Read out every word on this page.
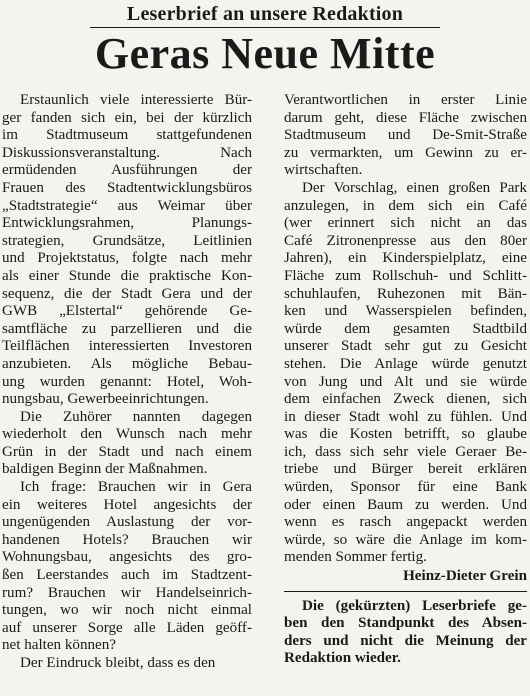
Leserbrief an unsere Redaktion
Geras Neue Mitte
Erstaunlich viele interessierte Bür-
ger fanden sich ein, bei der kürzlich
im Stadtmuseum stattgefundenen
Diskussionsveranstaltung. Nach
ermüdenden Ausführungen der
Frauen des Stadtentwicklungsbüros
„Stadtstrategie“ aus Weimar über
Entwicklungsrahmen, Planungs-
strategien, Grundsätze, Leitlinien
und Projektstatus, folgte nach mehr
als einer Stunde die praktische Kon-
sequenz, die der Stadt Gera und der
GWB „Elstertal“ gehörende Ge-
samtfläche zu parzellieren und die
Teilflächen interessierten Investoren
anzubieten. Als mögliche Bebau-
ung wurden genannt: Hotel, Woh-
nungsbau, Gewerbeeinrichtungen.
Die Zuhörer nannten dagegen
wiederholt den Wunsch nach mehr
Grün in der Stadt und nach einem
baldigen Beginn der Maßnahmen.
Ich frage: Brauchen wir in Gera
ein weiteres Hotel angesichts der
ungenügenden Auslastung der vor-
handenen Hotels? Brauchen wir
Wohnungsbau, angesichts des gro-
ßen Leerstandes auch im Stadtzent-
rum? Brauchen wir Handelseinrich-
tungen, wo wir noch nicht einmal
auf unserer Sorge alle Läden geöff-
net halten können?
Der Eindruck bleibt, dass es den
Verantwortlichen in erster Linie
darum geht, diese Fläche zwischen
Stadtmuseum und De-Smit-Straße
zu vermarkten, um Gewinn zu er-
wirtschaften.
Der Vorschlag, einen großen Park
anzulegen, in dem sich ein Café
(wer erinnert sich nicht an das
Café Zitronenpresse aus den 80er
Jahren), ein Kinderspielplatz, eine
Fläche zum Rollschuh- und Schlitt-
schuhlaufen, Ruhezonen mit Bän-
ken und Wasserspielen befinden,
würde dem gesamten Stadtbild
unserer Stadt sehr gut zu Gesicht
stehen. Die Anlage würde genutzt
von Jung und Alt und sie würde
dem einfachen Zweck dienen, sich
in dieser Stadt wohl zu fühlen. Und
was die Kosten betrifft, so glaube
ich, dass sich sehr viele Geraer Be-
triebe und Bürger bereit erklären
würden, Sponsor für eine Bank
oder einen Baum zu werden. Und
wenn es rasch angepackt werden
würde, so wäre die Anlage im kom-
menden Sommer fertig.
Heinz-Dieter Grein
Die (gekürzten) Leserbriefe ge-
ben den Standpunkt des Absen-
ders und nicht die Meinung der
Redaktion wieder.
